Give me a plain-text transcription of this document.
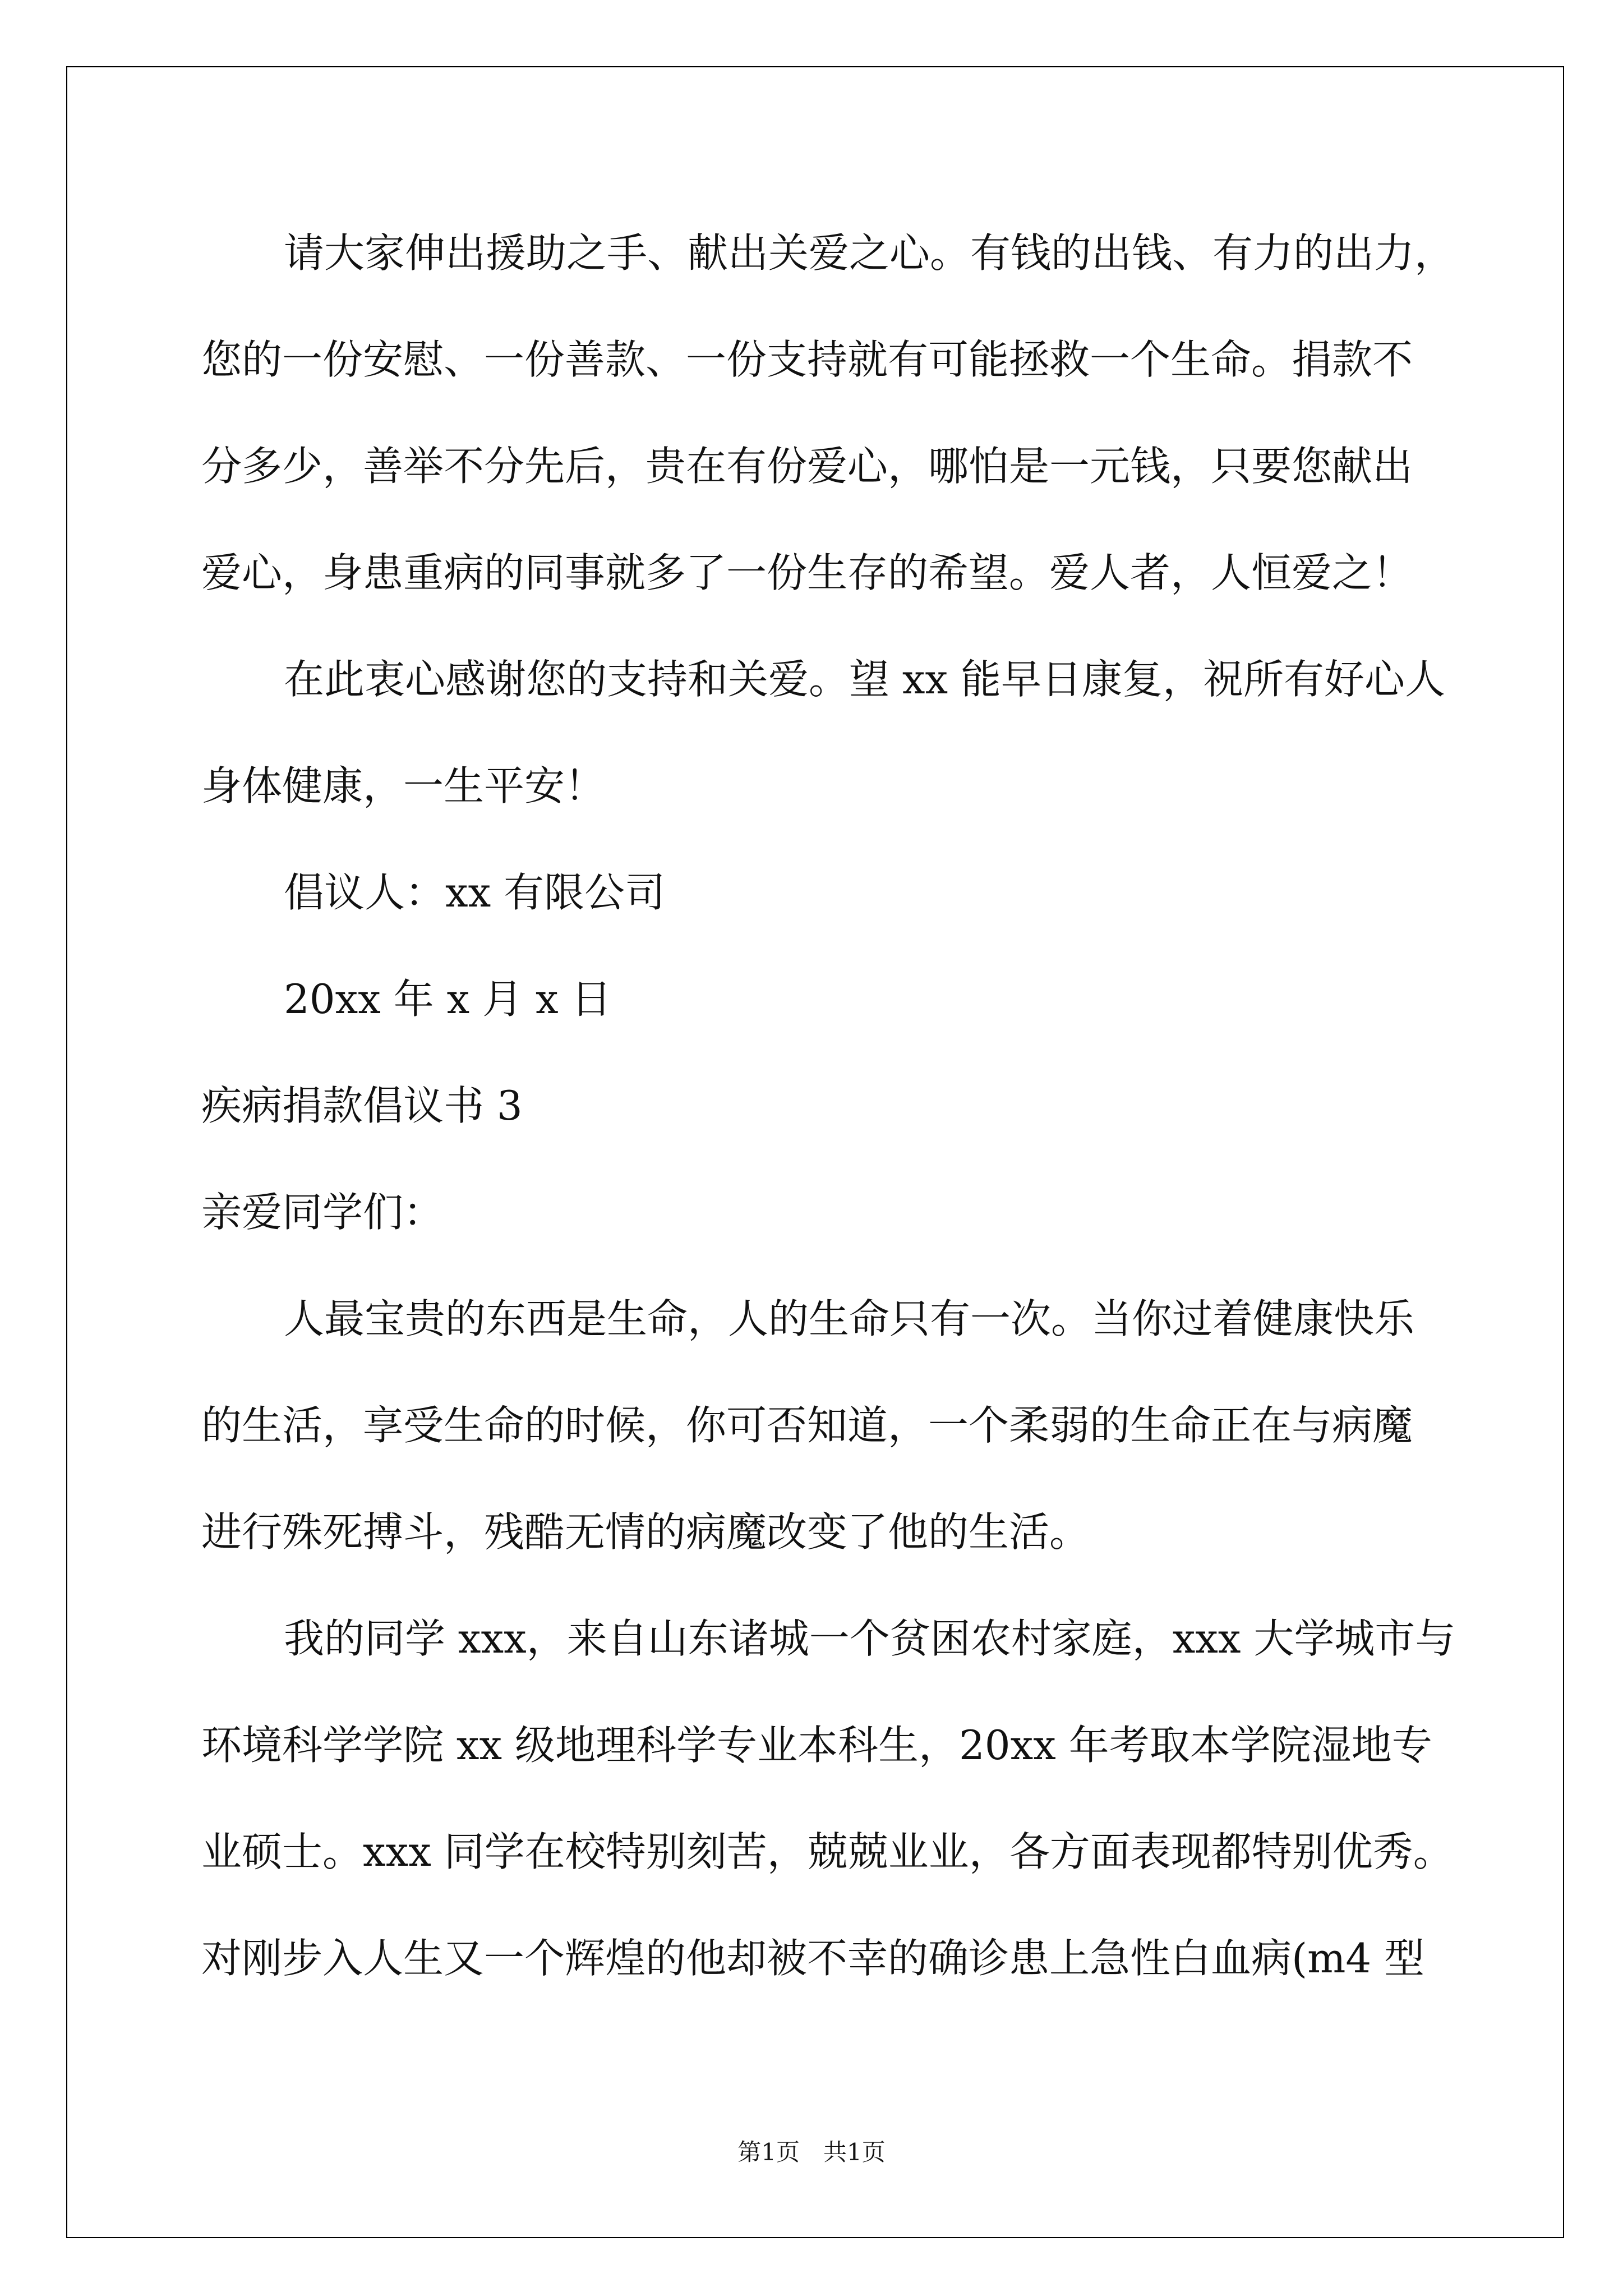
请大家伸出援助之手、献出关爱之心。有钱的出钱、有力的出力，
您的一份安慰、一份善款、一份支持就有可能拯救一个生命。捐款不
分多少，善举不分先后，贵在有份爱心，哪怕是一元钱，只要您献出
爱心，身患重病的同事就多了一份生存的希望。爱人者，人恒爱之！
在此衷心感谢您的支持和关爱。望 xx 能早日康复，祝所有好心人
身体健康，一生平安！
倡议人：xx 有限公司
20xx 年 x 月 x 日
疾病捐款倡议书 3
亲爱同学们：
人最宝贵的东西是生命，人的生命只有一次。当你过着健康快乐
的生活，享受生命的时候，你可否知道，一个柔弱的生命正在与病魔
进行殊死搏斗，残酷无情的病魔改变了他的生活。
我的同学 xxx，来自山东诸城一个贫困农村家庭，xxx 大学城市与
环境科学学院 xx 级地理科学专业本科生，20xx 年考取本学院湿地专
业硕士。xxx 同学在校特别刻苦，兢兢业业，各方面表现都特别优秀。
对刚步入人生又一个辉煌的他却被不幸的确诊患上急性白血病(m4 型
第1页　共1页
